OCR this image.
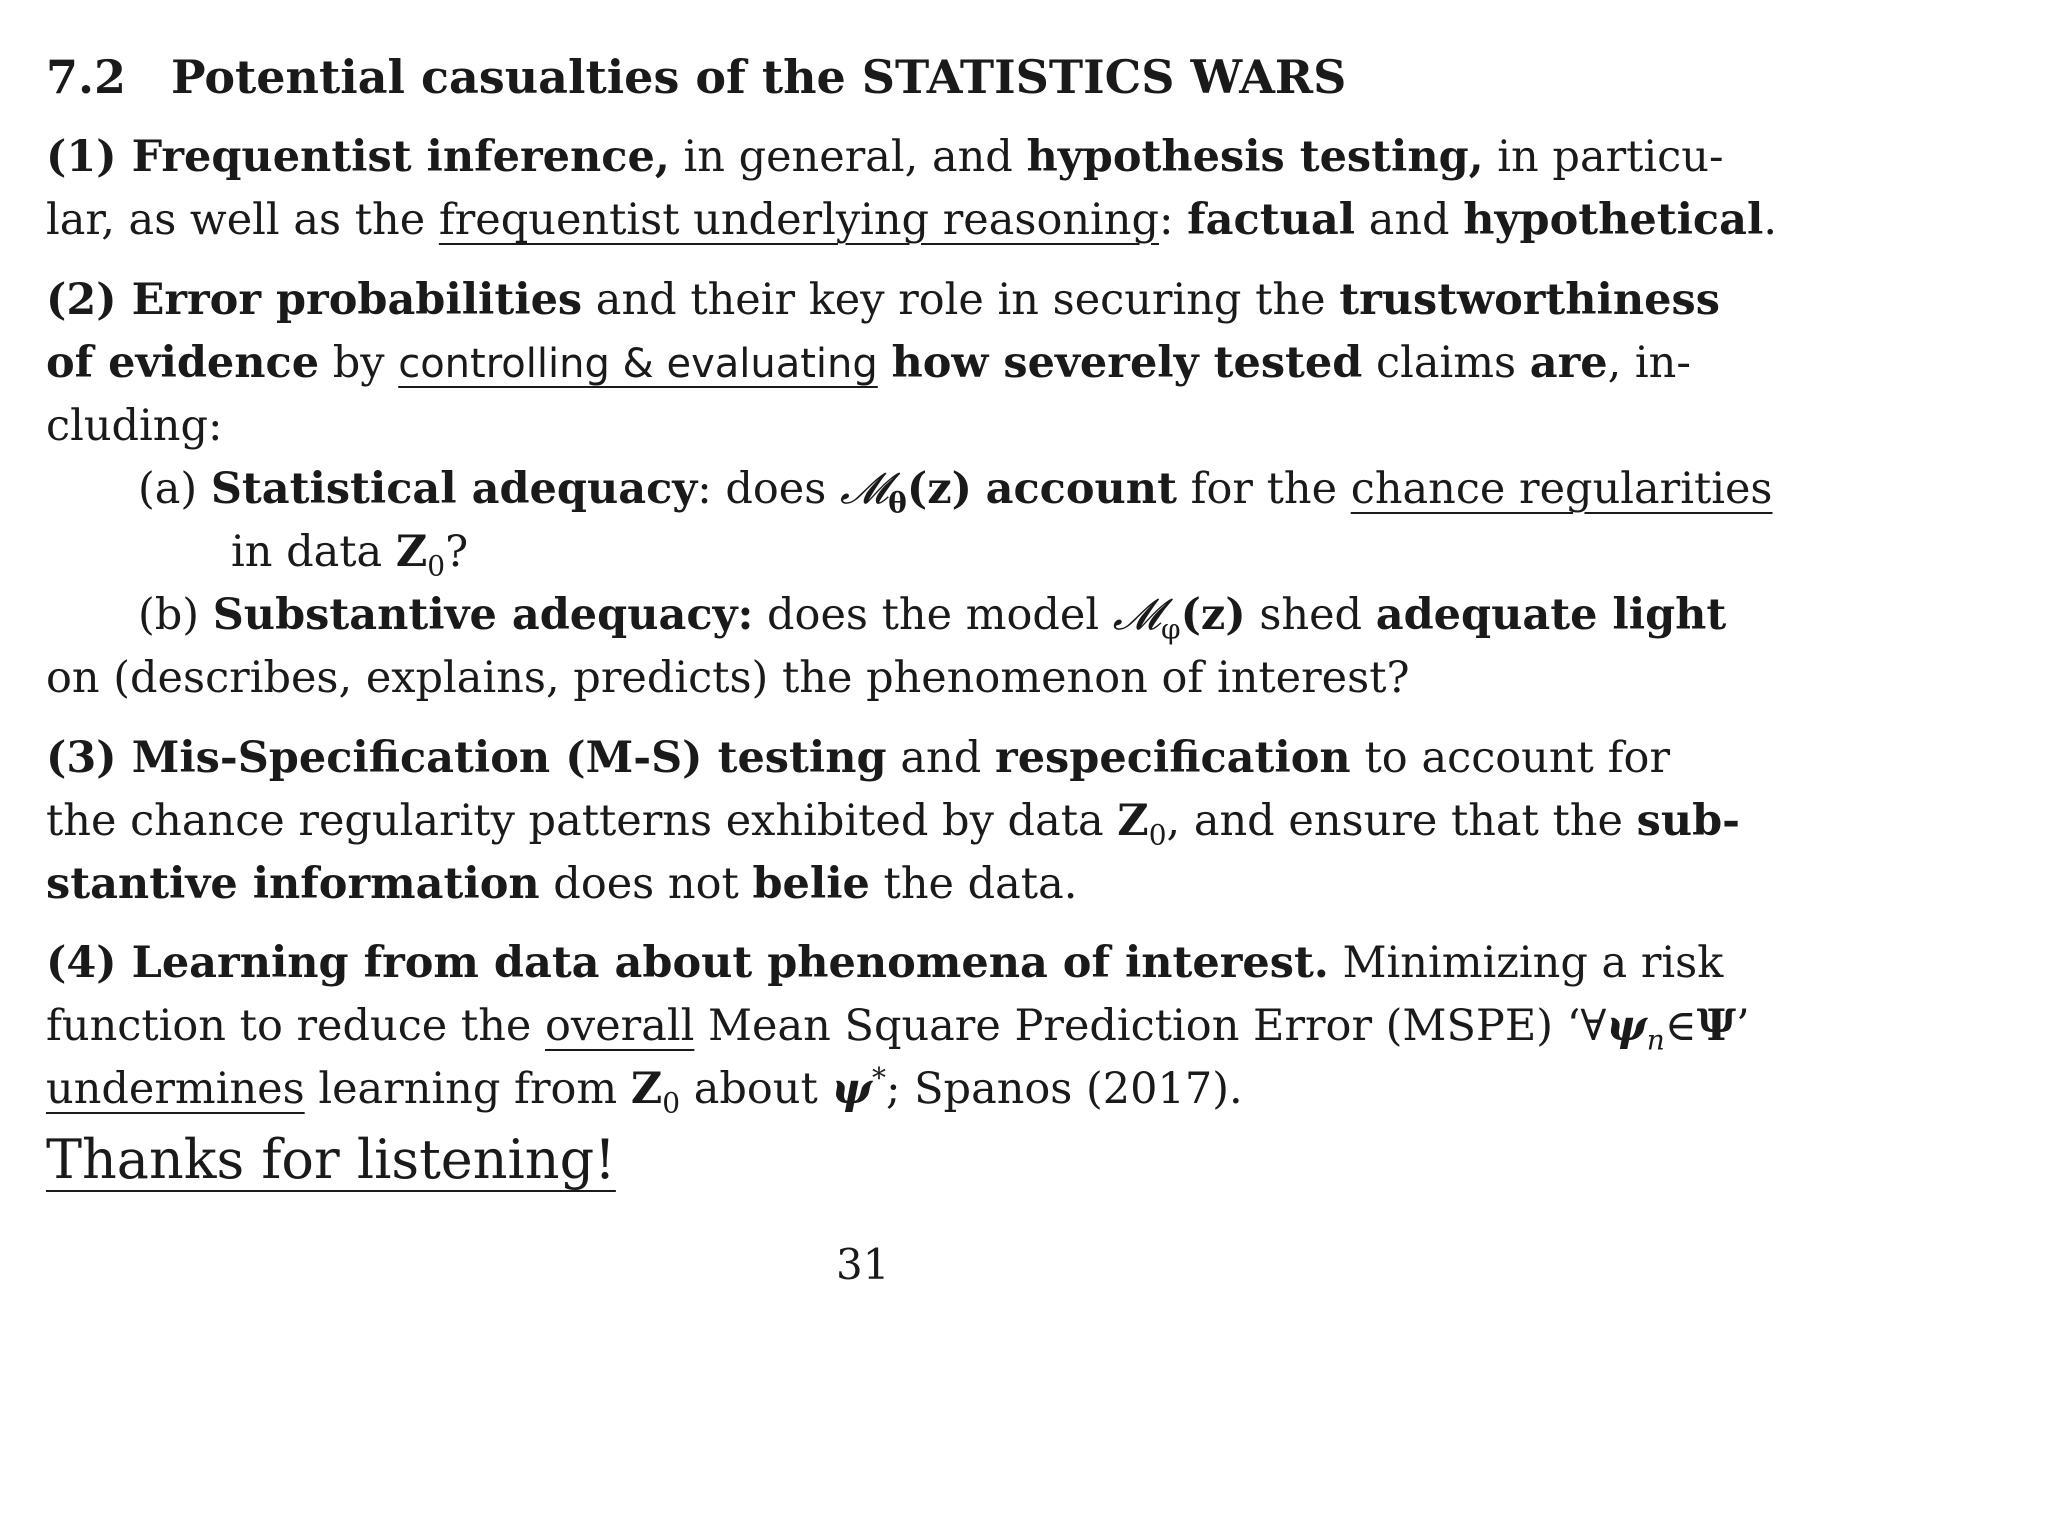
7.2 Potential casualties of the STATISTICS WARS
(1) Frequentist inference, in general, and hypothesis testing, in particu-
lar, as well as the frequentist underlying reasoning: factual and hypothetical.
(2) Error probabilities and their key role in securing the trustworthiness
of evidence by controlling & evaluating how severely tested claims are, in-
cluding:
(a) Statistical adequacy: does 𝓜$_\theta$(z) account for the chance regularities
in data $Z_0$?
(b) Substantive adequacy: does the model 𝓜$_\varphi$(z) shed adequate light
on (describes, explains, predicts) the phenomenon of interest?
(3) Mis-Specification (M-S) testing and respecification to account for
the chance regularity patterns exhibited by data $Z_0$, and ensure that the sub-
stantive information does not belie the data.
(4) Learning from data about phenomena of interest. Minimizing a risk
function to reduce the overall Mean Square Prediction Error (MSPE) ‘$\forall\psi_n\in\Psi$’
undermines learning from $Z_0$ about ψ*; Spanos (2017).
Thanks for listening!
31
